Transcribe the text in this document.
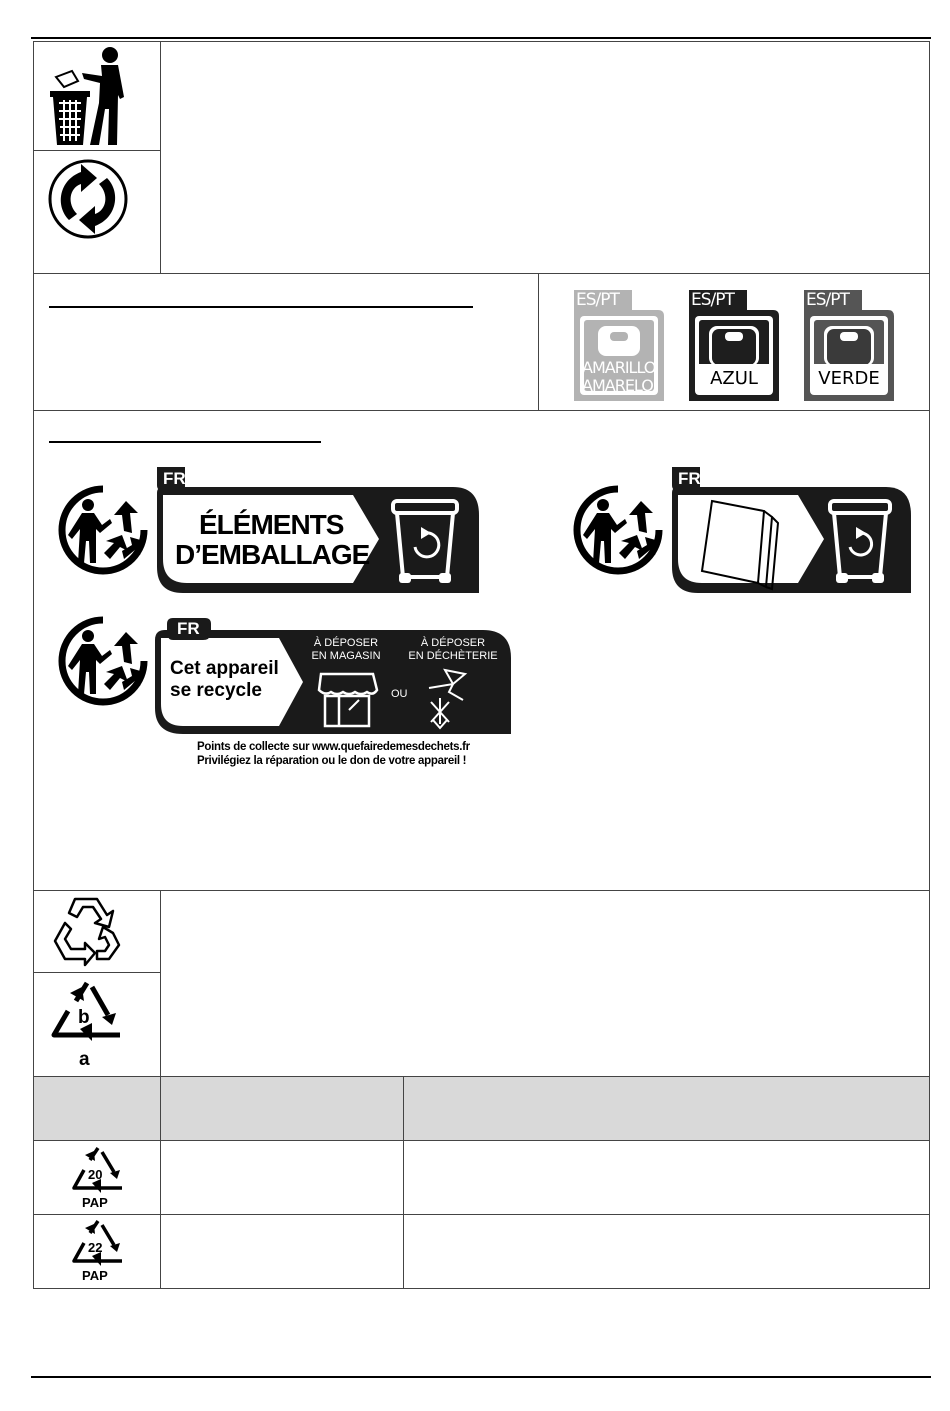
ES/PT
AMARILLO
AMARELO
ES/PT
AZUL
ES/PT
VERDE
FR
ÉLÉMENTS
D’EMBALLAGE
FR
FR
Cet appareil
se recycle
À DÉPOSER
EN MAGASIN
OU
À DÉPOSER
EN DÉCHÈTERIE
Points de collecte sur www.quefairedemesdechets.fr
Privilégiez la réparation ou le don de votre appareil !
b
a
20
PAP
22
PAP
